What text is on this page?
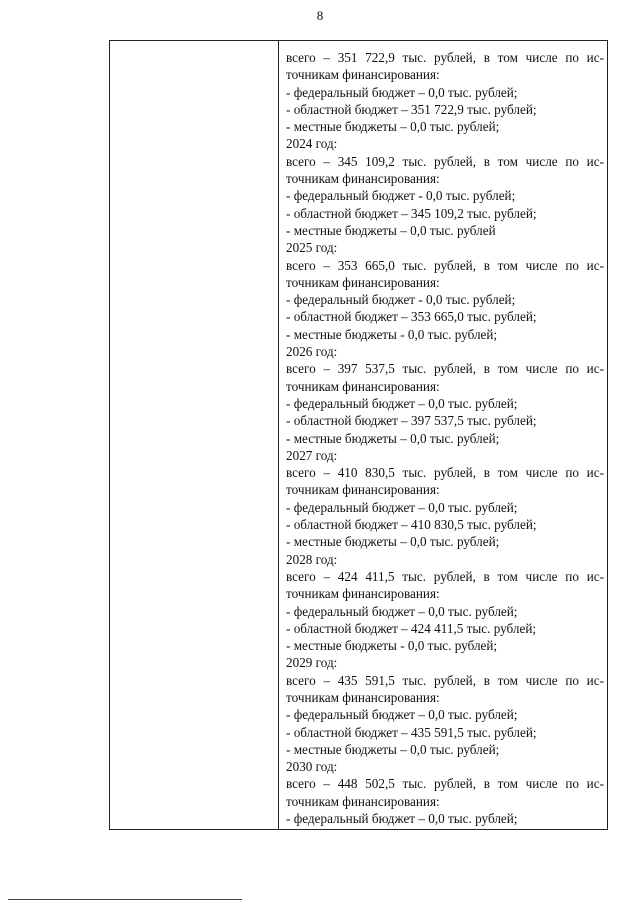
8
всего – 351 722,9 тыс. рублей, в том числе по ис-
точникам финансирования:
- федеральный бюджет – 0,0 тыс. рублей;
- областной бюджет – 351 722,9 тыс. рублей;
- местные бюджеты – 0,0 тыс. рублей;
2024 год:
всего – 345 109,2 тыс. рублей, в том числе по ис-
точникам финансирования:
- федеральный бюджет - 0,0 тыс. рублей;
- областной бюджет – 345 109,2 тыс. рублей;
- местные бюджеты – 0,0 тыс. рублей
2025 год:
всего – 353 665,0 тыс. рублей, в том числе по ис-
точникам финансирования:
- федеральный бюджет - 0,0 тыс. рублей;
- областной бюджет – 353 665,0 тыс. рублей;
- местные бюджеты - 0,0 тыс. рублей;
2026 год:
всего – 397 537,5 тыс. рублей, в том числе по ис-
точникам финансирования:
- федеральный бюджет – 0,0 тыс. рублей;
- областной бюджет – 397 537,5 тыс. рублей;
- местные бюджеты – 0,0 тыс. рублей;
2027 год:
всего – 410 830,5 тыс. рублей, в том числе по ис-
точникам финансирования:
- федеральный бюджет – 0,0 тыс. рублей;
- областной бюджет – 410 830,5 тыс. рублей;
- местные бюджеты – 0,0 тыс. рублей;
2028 год:
всего – 424 411,5 тыс. рублей, в том числе по ис-
точникам финансирования:
- федеральный бюджет – 0,0 тыс. рублей;
- областной бюджет – 424 411,5 тыс. рублей;
- местные бюджеты - 0,0 тыс. рублей;
2029 год:
всего – 435 591,5 тыс. рублей, в том числе по ис-
точникам финансирования:
- федеральный бюджет – 0,0 тыс. рублей;
- областной бюджет – 435 591,5 тыс. рублей;
- местные бюджеты – 0,0 тыс. рублей;
2030 год:
всего – 448 502,5 тыс. рублей, в том числе по ис-
точникам финансирования:
- федеральный бюджет – 0,0 тыс. рублей;
